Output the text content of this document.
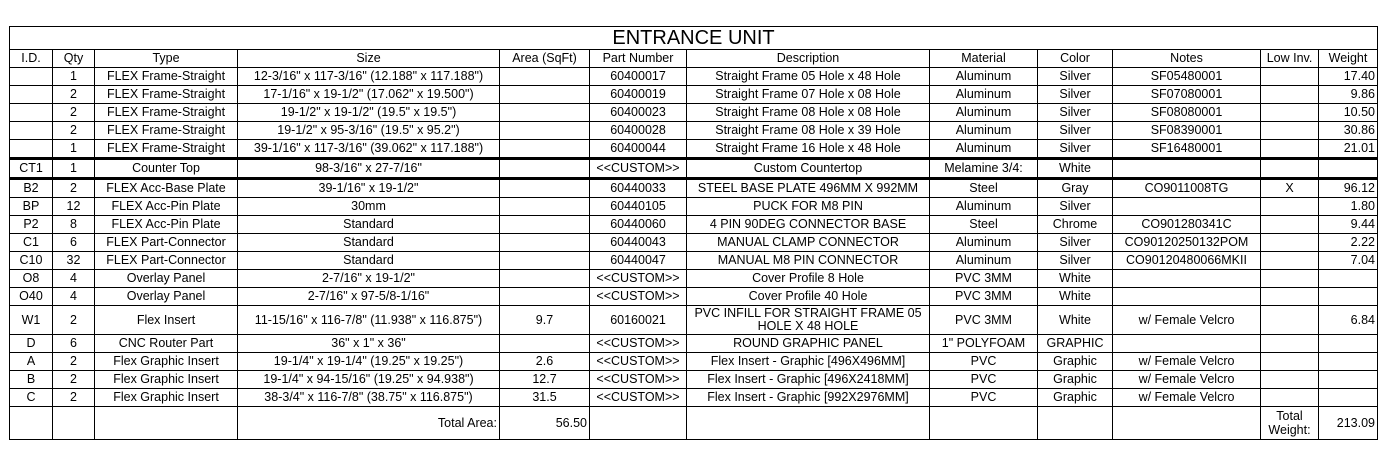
ENTRANCE UNIT											
I.D.	Qty	Type	Size	Area (SqFt)	Part Number	Description	Material	Color	Notes	Low Inv.	Weight
	1	FLEX Frame-Straight	12-3/16" x 117-3/16" (12.188" x 117.188")		60400017	Straight Frame 05 Hole x 48 Hole	Aluminum	Silver	SF05480001		17.40
	2	FLEX Frame-Straight	17-1/16" x 19-1/2" (17.062" x 19.500")		60400019	Straight Frame 07 Hole x 08 Hole	Aluminum	Silver	SF07080001		9.86
	2	FLEX Frame-Straight	19-1/2" x 19-1/2" (19.5" x 19.5")		60400023	Straight Frame 08 Hole x 08 Hole	Aluminum	Silver	SF08080001		10.50
	2	FLEX Frame-Straight	19-1/2" x 95-3/16" (19.5" x 95.2")		60400028	Straight Frame 08 Hole x 39 Hole	Aluminum	Silver	SF08390001		30.86
	1	FLEX Frame-Straight	39-1/16" x 117-3/16" (39.062" x 117.188")		60400044	Straight Frame 16 Hole x 48 Hole	Aluminum	Silver	SF16480001		21.01
CT1	1	Counter Top	98-3/16" x 27-7/16"		<<CUSTOM>>	Custom Countertop	Melamine 3/4:	White			
B2	2	FLEX Acc-Base Plate	39-1/16" x 19-1/2"		60440033	STEEL BASE PLATE 496MM X 992MM	Steel	Gray	CO9011008TG	X	96.12
BP	12	FLEX Acc-Pin Plate	30mm		60440105	PUCK FOR M8 PIN	Aluminum	Silver			1.80
P2	8	FLEX Acc-Pin Plate	Standard		60440060	4 PIN 90DEG CONNECTOR BASE	Steel	Chrome	CO901280341C		9.44
C1	6	FLEX Part-Connector	Standard		60440043	MANUAL CLAMP CONNECTOR	Aluminum	Silver	CO90120250132POM		2.22
C10	32	FLEX Part-Connector	Standard		60440047	MANUAL M8 PIN CONNECTOR	Aluminum	Silver	CO90120480066MKII		7.04
O8	4	Overlay Panel	2-7/16" x 19-1/2"		<<CUSTOM>>	Cover Profile 8 Hole	PVC 3MM	White			
O40	4	Overlay Panel	2-7/16" x 97-5/8-1/16"		<<CUSTOM>>	Cover Profile 40 Hole	PVC 3MM	White			
W1	2	Flex Insert	11-15/16" x 116-7/8" (11.938" x 116.875")	9.7	60160021	PVC INFILL FOR STRAIGHT FRAME 05 HOLE X 48 HOLE	PVC 3MM	White	w/ Female Velcro		6.84
D	6	CNC Router Part	36" x 1" x 36"		<<CUSTOM>>	ROUND GRAPHIC PANEL	1" POLYFOAM	GRAPHIC			
A	2	Flex Graphic Insert	19-1/4" x 19-1/4" (19.25" x 19.25")	2.6	<<CUSTOM>>	Flex Insert - Graphic [496X496MM]	PVC	Graphic	w/ Female Velcro		
B	2	Flex Graphic Insert	19-1/4" x 94-15/16" (19.25" x 94.938")	12.7	<<CUSTOM>>	Flex Insert - Graphic [496X2418MM]	PVC	Graphic	w/ Female Velcro		
C	2	Flex Graphic Insert	38-3/4" x 116-7/8" (38.75" x 116.875")	31.5	<<CUSTOM>>	Flex Insert - Graphic [992X2976MM]	PVC	Graphic	w/ Female Velcro		
			Total Area:	56.50						Total Weight:	213.09
